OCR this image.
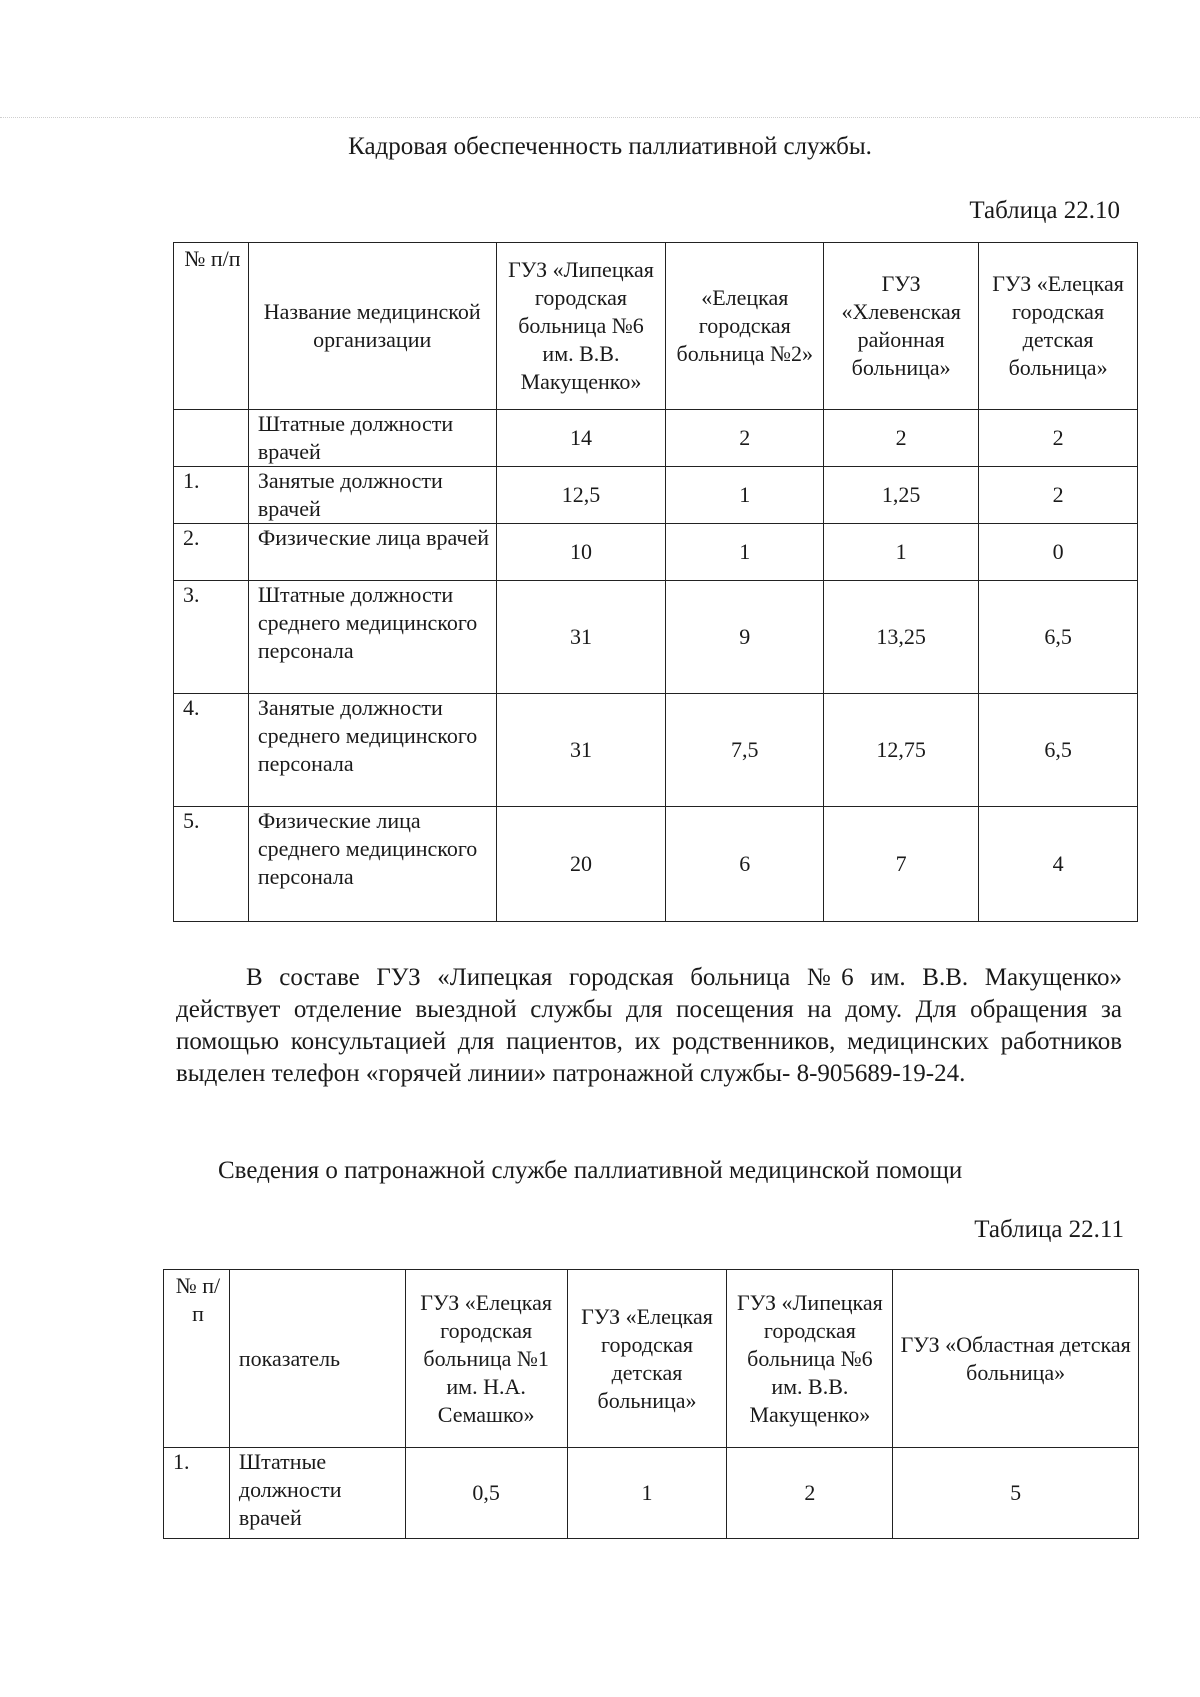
Кадровая обеспеченность паллиативной службы.
Таблица 22.10
№ п/п	Название медицинской организации	ГУЗ «Липецкая городская больница №6 им. В.В. Макущенко»	«Елецкая городская больница №2»	ГУЗ «Хлевенская районная больница»	ГУЗ «Елецкая городская детская больница»
	Штатные должности врачей	14	2	2	2
1.	Занятые должности врачей	12,5	1	1,25	2
2.	Физические лица врачей	10	1	1	0
3.	Штатные должности среднего медицинского персонала	31	9	13,25	6,5
4.	Занятые должности среднего медицинского персонала	31	7,5	12,75	6,5
5.	Физические лица среднего медицинского персонала	20	6	7	4

В составе ГУЗ «Липецкая городская больница №6 им. В.В. Макущенко» действует отделение выездной службы для посещения на дому. Для обращения за помощью консультацией для пациентов, их родственников, медицинских работников выделен телефон «горячей линии» патронажной службы- 8-905689-19-24.

Сведения о патронажной службе паллиативной медицинской помощи
Таблица 22.11
№ п/п	показатель	ГУЗ «Елецкая городская больница №1 им. Н.А. Семашко»	ГУЗ «Елецкая городская детская больница»	ГУЗ «Липецкая городская больница №6 им. В.В. Макущенко»	ГУЗ «Областная детская больница»
1.	Штатные должности врачей	0,5	1	2	5
